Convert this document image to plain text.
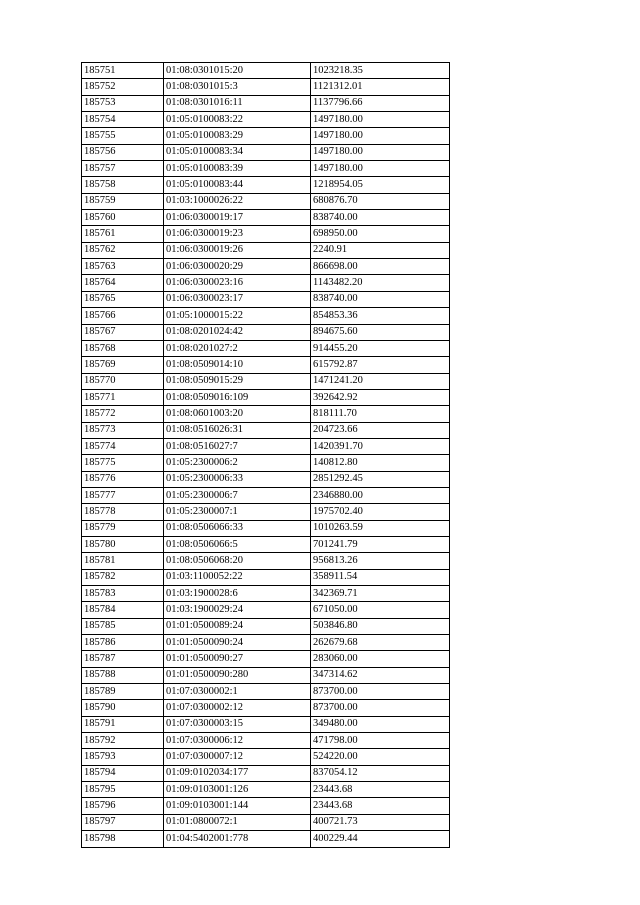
185751	01:08:0301015:20	1023218.35
185752	01:08:0301015:3	1121312.01
185753	01:08:0301016:11	1137796.66
185754	01:05:0100083:22	1497180.00
185755	01:05:0100083:29	1497180.00
185756	01:05:0100083:34	1497180.00
185757	01:05:0100083:39	1497180.00
185758	01:05:0100083:44	1218954.05
185759	01:03:1000026:22	680876.70
185760	01:06:0300019:17	838740.00
185761	01:06:0300019:23	698950.00
185762	01:06:0300019:26	2240.91
185763	01:06:0300020:29	866698.00
185764	01:06:0300023:16	1143482.20
185765	01:06:0300023:17	838740.00
185766	01:05:1000015:22	854853.36
185767	01:08:0201024:42	894675.60
185768	01:08:0201027:2	914455.20
185769	01:08:0509014:10	615792.87
185770	01:08:0509015:29	1471241.20
185771	01:08:0509016:109	392642.92
185772	01:08:0601003:20	818111.70
185773	01:08:0516026:31	204723.66
185774	01:08:0516027:7	1420391.70
185775	01:05:2300006:2	140812.80
185776	01:05:2300006:33	2851292.45
185777	01:05:2300006:7	2346880.00
185778	01:05:2300007:1	1975702.40
185779	01:08:0506066:33	1010263.59
185780	01:08:0506066:5	701241.79
185781	01:08:0506068:20	956813.26
185782	01:03:1100052:22	358911.54
185783	01:03:1900028:6	342369.71
185784	01:03:1900029:24	671050.00
185785	01:01:0500089:24	503846.80
185786	01:01:0500090:24	262679.68
185787	01:01:0500090:27	283060.00
185788	01:01:0500090:280	347314.62
185789	01:07:0300002:1	873700.00
185790	01:07:0300002:12	873700.00
185791	01:07:0300003:15	349480.00
185792	01:07:0300006:12	471798.00
185793	01:07:0300007:12	524220.00
185794	01:09:0102034:177	837054.12
185795	01:09:0103001:126	23443.68
185796	01:09:0103001:144	23443.68
185797	01:01:0800072:1	400721.73
185798	01:04:5402001:778	400229.44
